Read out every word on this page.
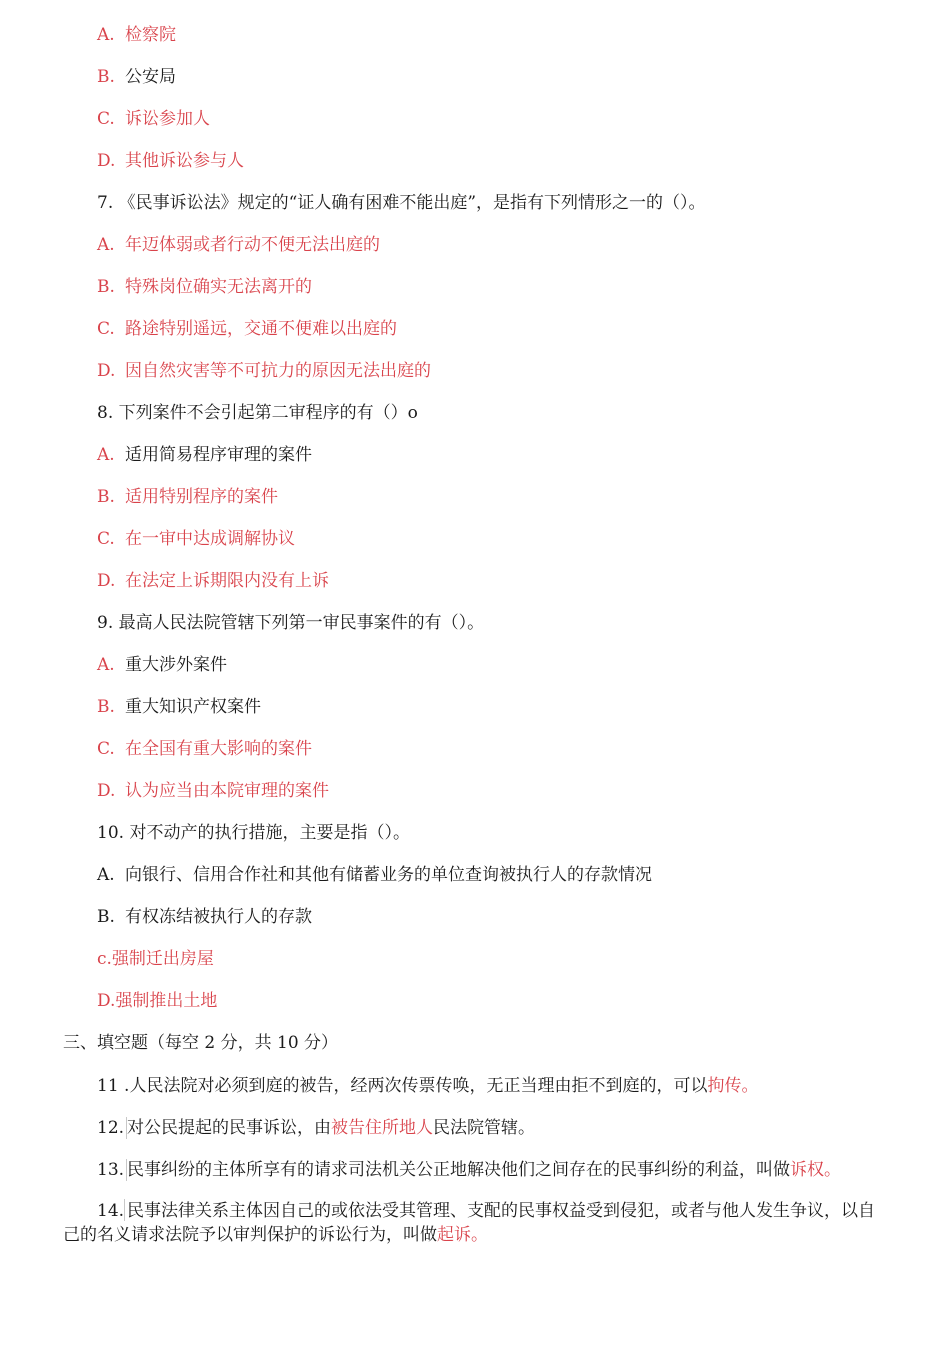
A. 检察院
B. 公安局
C. 诉讼参加人
D. 其他诉讼参与人
7. 《民事诉讼法》规定的“证人确有困难不能出庭”，是指有下列情形之一的（）。
A. 年迈体弱或者行动不便无法出庭的
B. 特殊岗位确实无法离开的
C. 路途特别遥远，交通不便难以出庭的
D. 因自然灾害等不可抗力的原因无法出庭的
8. 下列案件不会引起第二审程序的有（）o
A. 适用简易程序审理的案件
B. 适用特别程序的案件
C. 在一审中达成调解协议
D. 在法定上诉期限内没有上诉
9. 最高人民法院管辖下列第一审民事案件的有（）。
A. 重大涉外案件
B. 重大知识产权案件
C. 在全国有重大影响的案件
D. 认为应当由本院审理的案件
10. 对不动产的执行措施，主要是指（）。
A. 向银行、信用合作社和其他有储蓄业务的单位查询被执行人的存款情况
B. 有权冻结被执行人的存款
c.强制迁出房屋
D.强制推出土地
三、填空题（每空 2 分，共 10 分）
11 .人民法院对必须到庭的被告，经两次传票传唤，无正当理由拒不到庭的，可以拘传。
12. 对公民提起的民事诉讼，由被告住所地人民法院管辖。
13. 民事纠纷的主体所享有的请求司法机关公正地解决他们之间存在的民事纠纷的利益，叫做诉权。
14. 民事法律关系主体因自己的或依法受其管理、支配的民事权益受到侵犯，或者与他人发生争议，以自己的名义请求法院予以审判保护的诉讼行为，叫做起诉。
